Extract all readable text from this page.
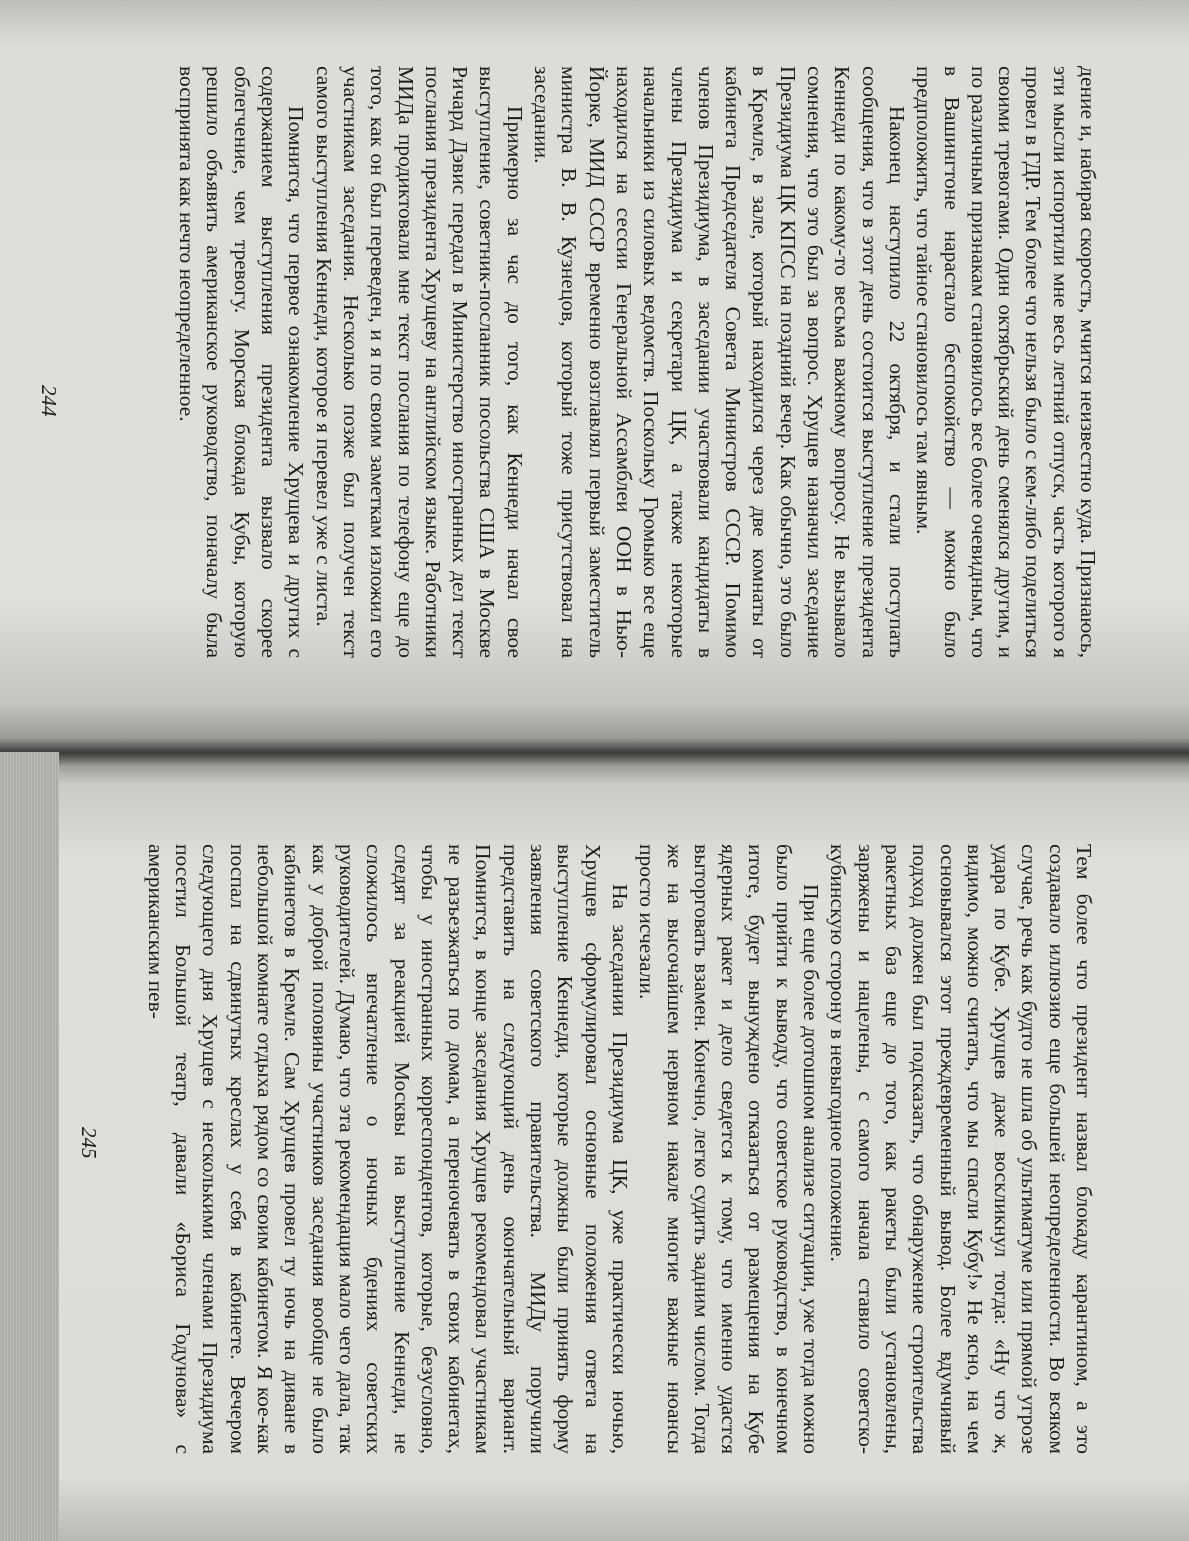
дение и, набирая скорость, мчится неизвестно куда. Признаюсь, эти мысли испортили мне весь летний отпуск, часть которого я провел в ГДР. Тем более что нельзя было с кем-либо поделиться своими тревогами. Один октябрьский день сменялся другим, и по различным признакам становилось все более очевидным, что в Вашингтоне нарастало беспокойство — можно было предположить, что тайное становилось там явным.

Наконец наступило 22 октября, и стали поступать сообщения, что в этот день состоится выступление президента Кеннеди по какому-то весьма важному вопросу. Не вызывало сомнения, что это был за вопрос. Хрущев назначил заседание Президиума ЦК КПСС на поздний вечер. Как обычно, это было в Кремле, в зале, который находился через две комнаты от кабинета Председателя Совета Министров СССР. Помимо членов Президиума, в заседании участвовали кандидаты в члены Президиума и секретари ЦК, а также некоторые начальники из силовых ведомств. Поскольку Громыко все еще находился на сессии Генеральной Ассамблеи ООН в Нью-Йорке, МИД СССР временно возглавлял первый заместитель министра В. В. Кузнецов, который тоже присутствовал на заседании.

Примерно за час до того, как Кеннеди начал свое выступление, советник-посланник посольства США в Москве Ричард Дэвис передал в Министерство иностранных дел текст послания президента Хрущеву на английском языке. Работники МИДа продиктовали мне текст послания по телефону еще до того, как он был переведен, и я по своим заметкам изложил его участникам заседания. Несколько позже был получен текст самого выступления Кеннеди, которое я перевел уже с листа.

Помнится, что первое ознакомление Хрущева и других с содержанием выступления президента вызвало скорее облегчение, чем тревогу. Морская блокада Кубы, которую решило объявить американское руководство, поначалу была воспринята как нечто неопределенное.

244

Тем более что президент назвал блокаду карантином, а это создавало иллюзию еще большей неопределенности. Во всяком случае, речь как будто не шла об ультиматуме или прямой угрозе удара по Кубе. Хрущев даже воскликнул тогда: «Ну что ж, видимо, можно считать, что мы спасли Кубу!» Не ясно, на чем основывался этот преждевременный вывод. Более вдумчивый подход должен был подсказать, что обнаружение строительства ракетных баз еще до того, как ракеты были установлены, заряжены и нацелены, с самого начала ставило советско-кубинскую сторону в невыгодное положение.

При еще более дотошном анализе ситуации, уже тогда можно было прийти к выводу, что советское руководство, в конечном итоге, будет вынуждено отказаться от размещения на Кубе ядерных ракет и дело сведется к тому, что именно удастся выторговать взамен. Конечно, легко судить задним числом. Тогда же на высочайшем нервном накале многие важные нюансы просто исчезали.

На заседании Президиума ЦК, уже практически ночью, Хрущев сформулировал основные положения ответа на выступление Кеннеди, которые должны были принять форму заявления советского правительства. МИДу поручили представить на следующий день окончательный вариант. Помнится, в конце заседания Хрущев рекомендовал участникам не разъезжаться по домам, а переночевать в своих кабинетах, чтобы у иностранных корреспондентов, которые, безусловно, следят за реакцией Москвы на выступление Кеннеди, не сложилось впечатление о ночных бдениях советских руководителей. Думаю, что эта рекомендация мало чего дала, так как у доброй половины участников заседания вообще не было кабинетов в Кремле. Сам Хрущев провел ту ночь на диване в небольшой комнате отдыха рядом со своим кабинетом. Я кое-как поспал на сдвинутых креслах у себя в кабинете. Вечером следующего дня Хрущев с несколькими членами Президиума посетил Большой театр, давали «Бориса Годунова» с американским пев-

245
